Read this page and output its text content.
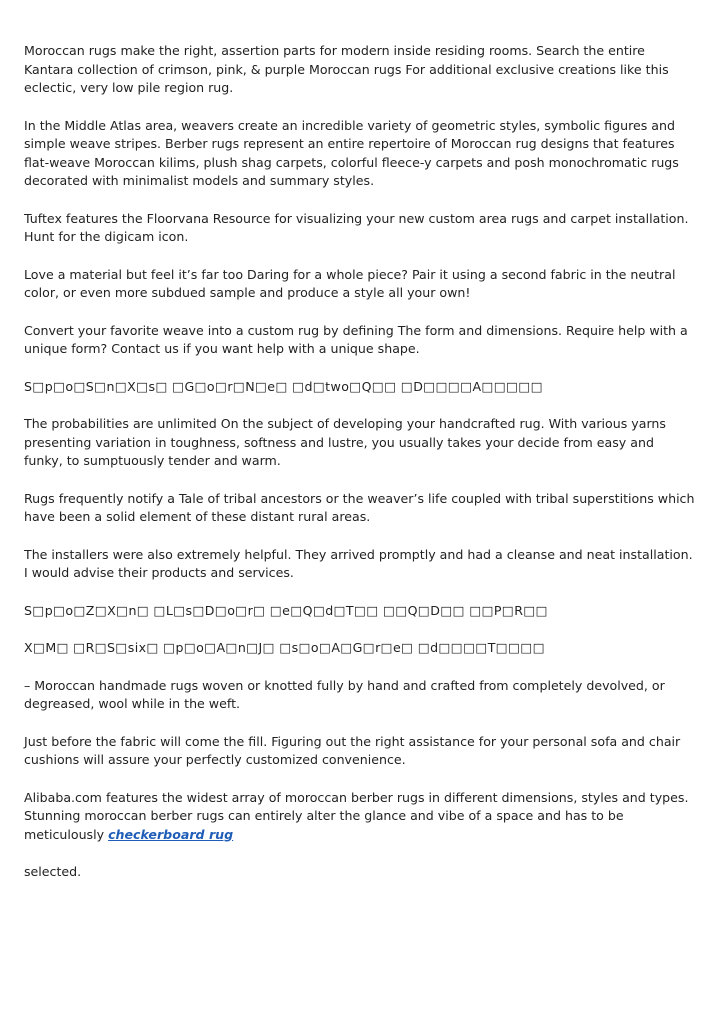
Moroccan rugs make the right, assertion parts for modern inside residing rooms. Search the entire Kantara collection of crimson, pink, & purple Moroccan rugs For additional exclusive creations like this eclectic, very low pile region rug.

In the Middle Atlas area, weavers create an incredible variety of geometric styles, symbolic figures and simple weave stripes. Berber rugs represent an entire repertoire of Moroccan rug designs that features flat-weave Moroccan kilims, plush shag carpets, colorful fleece-y carpets and posh monochromatic rugs decorated with minimalist models and summary styles.

Tuftex features the Floorvana Resource for visualizing your new custom area rugs and carpet installation. Hunt for the digicam icon.

Love a material but feel it’s far too Daring for a whole piece? Pair it using a second fabric in the neutral color, or even more subdued sample and produce a style all your own!

Convert your favorite weave into a custom rug by defining The form and dimensions. Require help with a unique form? Contact us if you want help with a unique shape.

S□p□o□S□n□X□s□ □G□o□r□N□e□ □d□two□Q□□ □D□□□□A□□□□□

The probabilities are unlimited On the subject of developing your handcrafted rug. With various yarns presenting variation in toughness, softness and lustre, you usually takes your decide from easy and funky, to sumptuously tender and warm.

Rugs frequently notify a Tale of tribal ancestors or the weaver’s life coupled with tribal superstitions which have been a solid element of these distant rural areas.

The installers were also extremely helpful. They arrived promptly and had a cleanse and neat installation. I would advise their products and services.

S□p□o□Z□X□n□ □L□s□D□o□r□ □e□Q□d□T□□ □□Q□D□□ □□P□R□□

X□M□ □R□S□six□ □p□o□A□n□J□ □s□o□A□G□r□e□ □d□□□□T□□□□

– Moroccan handmade rugs woven or knotted fully by hand and crafted from completely devolved, or degreased, wool while in the weft.

Just before the fabric will come the fill. Figuring out the right assistance for your personal sofa and chair cushions will assure your perfectly customized convenience.

Alibaba.com features the widest array of moroccan berber rugs in different dimensions, styles and types. Stunning moroccan berber rugs can entirely alter the glance and vibe of a space and has to be meticulously checkerboard rug

selected.
